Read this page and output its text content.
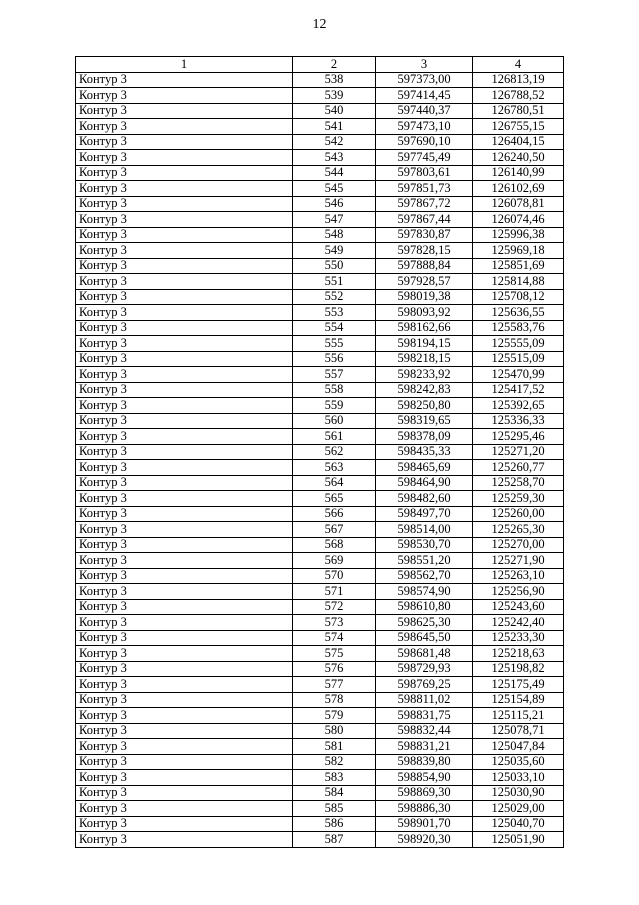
12
1	2	3	4
Контур 3	538	597373,00	126813,19
Контур 3	539	597414,45	126788,52
Контур 3	540	597440,37	126780,51
Контур 3	541	597473,10	126755,15
Контур 3	542	597690,10	126404,15
Контур 3	543	597745,49	126240,50
Контур 3	544	597803,61	126140,99
Контур 3	545	597851,73	126102,69
Контур 3	546	597867,72	126078,81
Контур 3	547	597867,44	126074,46
Контур 3	548	597830,87	125996,38
Контур 3	549	597828,15	125969,18
Контур 3	550	597888,84	125851,69
Контур 3	551	597928,57	125814,88
Контур 3	552	598019,38	125708,12
Контур 3	553	598093,92	125636,55
Контур 3	554	598162,66	125583,76
Контур 3	555	598194,15	125555,09
Контур 3	556	598218,15	125515,09
Контур 3	557	598233,92	125470,99
Контур 3	558	598242,83	125417,52
Контур 3	559	598250,80	125392,65
Контур 3	560	598319,65	125336,33
Контур 3	561	598378,09	125295,46
Контур 3	562	598435,33	125271,20
Контур 3	563	598465,69	125260,77
Контур 3	564	598464,90	125258,70
Контур 3	565	598482,60	125259,30
Контур 3	566	598497,70	125260,00
Контур 3	567	598514,00	125265,30
Контур 3	568	598530,70	125270,00
Контур 3	569	598551,20	125271,90
Контур 3	570	598562,70	125263,10
Контур 3	571	598574,90	125256,90
Контур 3	572	598610,80	125243,60
Контур 3	573	598625,30	125242,40
Контур 3	574	598645,50	125233,30
Контур 3	575	598681,48	125218,63
Контур 3	576	598729,93	125198,82
Контур 3	577	598769,25	125175,49
Контур 3	578	598811,02	125154,89
Контур 3	579	598831,75	125115,21
Контур 3	580	598832,44	125078,71
Контур 3	581	598831,21	125047,84
Контур 3	582	598839,80	125035,60
Контур 3	583	598854,90	125033,10
Контур 3	584	598869,30	125030,90
Контур 3	585	598886,30	125029,00
Контур 3	586	598901,70	125040,70
Контур 3	587	598920,30	125051,90
